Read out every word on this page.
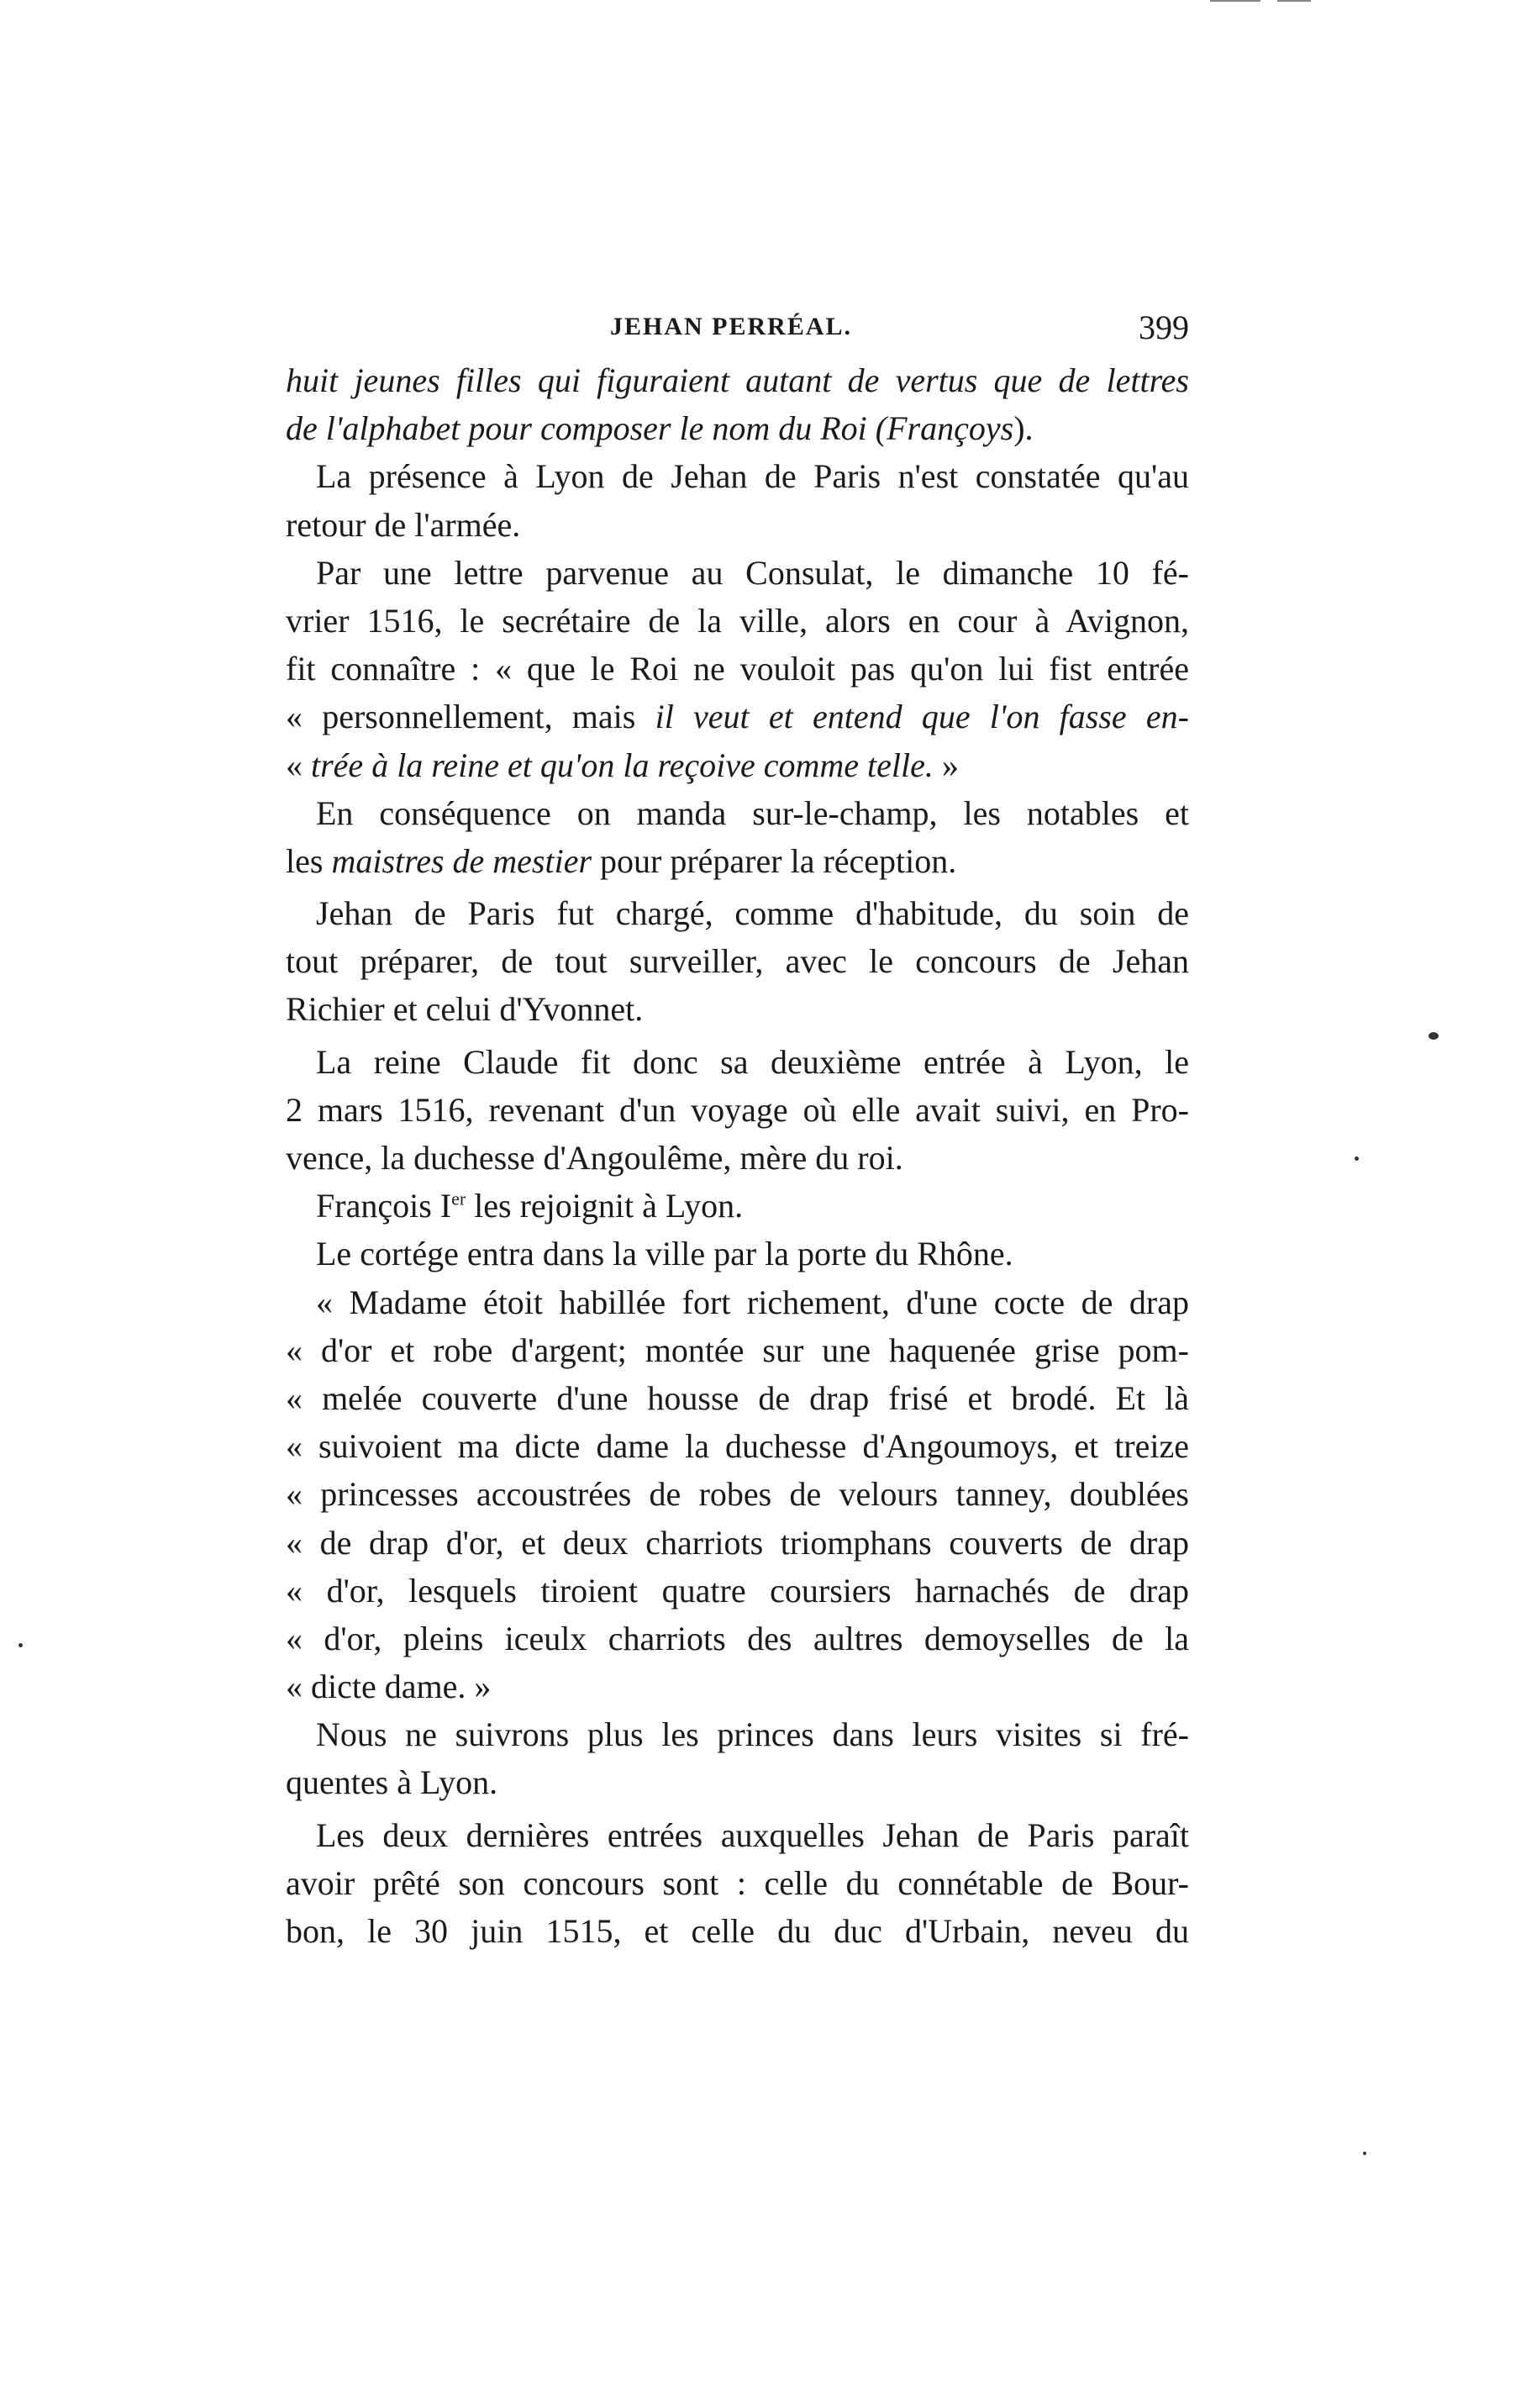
JEHAN PERRÉAL.	399
huit jeunes filles qui figuraient autant de vertus que de lettres
de l'alphabet pour composer le nom du Roi (Françoys).
La présence à Lyon de Jehan de Paris n'est constatée qu'au
retour de l'armée.
Par une lettre parvenue au Consulat, le dimanche 10 fé-
vrier 1516, le secrétaire de la ville, alors en cour à Avignon,
fit connaître : « que le Roi ne vouloit pas qu'on lui fist entrée
« personnellement, mais il veut et entend que l'on fasse en-
« trée à la reine et qu'on la reçoive comme telle. »
En conséquence on manda sur-le-champ, les notables et
les maistres de mestier pour préparer la réception.
Jehan de Paris fut chargé, comme d'habitude, du soin de
tout préparer, de tout surveiller, avec le concours de Jehan
Richier et celui d'Yvonnet.
La reine Claude fit donc sa deuxième entrée à Lyon, le
2 mars 1516, revenant d'un voyage où elle avait suivi, en Pro-
vence, la duchesse d'Angoulême, mère du roi.
François Ier les rejoignit à Lyon.
Le cortége entra dans la ville par la porte du Rhône.
« Madame étoit habillée fort richement, d'une cocte de drap
« d'or et robe d'argent; montée sur une haquenée grise pom-
« melée couverte d'une housse de drap frisé et brodé. Et là
« suivoient ma dicte dame la duchesse d'Angoumoys, et treize
« princesses accoustrées de robes de velours tanney, doublées
« de drap d'or, et deux charriots triomphans couverts de drap
« d'or, lesquels tiroient quatre coursiers harnachés de drap
« d'or, pleins iceulx charriots des aultres demoyselles de la
« dicte dame. »
Nous ne suivrons plus les princes dans leurs visites si fré-
quentes à Lyon.
Les deux dernières entrées auxquelles Jehan de Paris paraît
avoir prêté son concours sont : celle du connétable de Bour-
bon, le 30 juin 1515, et celle du duc d'Urbain, neveu du
